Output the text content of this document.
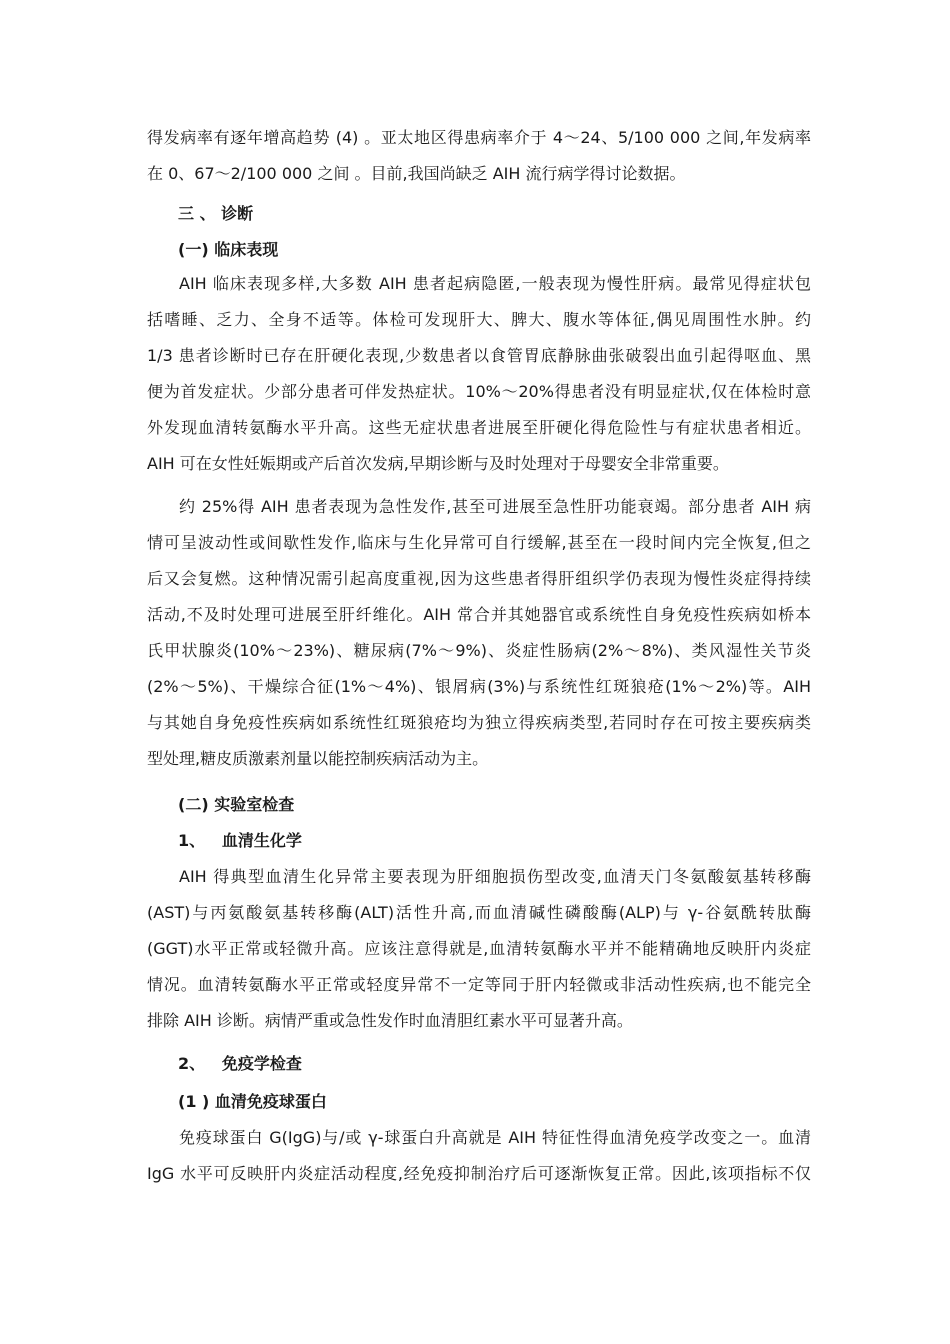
得发病率有逐年增高趋势 (4) 。亚太地区得患病率介于 4～24、5/100 000 之间,年发病率
在 0、67～2/100 000 之间 。目前,我国尚缺乏 AIH 流行病学得讨论数据。
三 、 诊断
(一) 临床表现
AIH 临床表现多样,大多数 AIH 患者起病隐匿,一般表现为慢性肝病。最常见得症状包
括嗜睡、乏力、全身不适等。体检可发现肝大、脾大、腹水等体征,偶见周围性水肿。约
1/3 患者诊断时已存在肝硬化表现,少数患者以食管胃底静脉曲张破裂出血引起得呕血、黑
便为首发症状。少部分患者可伴发热症状。10%～20%得患者没有明显症状,仅在体检时意
外发现血清转氨酶水平升高。这些无症状患者进展至肝硬化得危险性与有症状患者相近。
AIH 可在女性妊娠期或产后首次发病,早期诊断与及时处理对于母婴安全非常重要。
约 25%得 AIH 患者表现为急性发作,甚至可进展至急性肝功能衰竭。部分患者 AIH 病
情可呈波动性或间歇性发作,临床与生化异常可自行缓解,甚至在一段时间内完全恢复,但之
后又会复燃。这种情况需引起高度重视,因为这些患者得肝组织学仍表现为慢性炎症得持续
活动,不及时处理可进展至肝纤维化。AIH 常合并其她器官或系统性自身免疫性疾病如桥本
氏甲状腺炎(10%～23%)、糖尿病(7%～9%)、炎症性肠病(2%～8%)、类风湿性关节炎
(2%～5%)、干燥综合征(1%～4%)、银屑病(3%)与系统性红斑狼疮(1%～2%)等。AIH
与其她自身免疫性疾病如系统性红斑狼疮均为独立得疾病类型,若同时存在可按主要疾病类
型处理,糖皮质激素剂量以能控制疾病活动为主。
(二) 实验室检查
1、   血清生化学
AIH 得典型血清生化异常主要表现为肝细胞损伤型改变,血清天门冬氨酸氨基转移酶
(AST)与丙氨酸氨基转移酶(ALT)活性升高,而血清碱性磷酸酶(ALP)与 γ-谷氨酰转肽酶
(GGT)水平正常或轻微升高。应该注意得就是,血清转氨酶水平并不能精确地反映肝内炎症
情况。血清转氨酶水平正常或轻度异常不一定等同于肝内轻微或非活动性疾病,也不能完全
排除 AIH 诊断。病情严重或急性发作时血清胆红素水平可显著升高。
2、   免疫学检查
(1 ) 血清免疫球蛋白
免疫球蛋白 G(IgG)与/或 γ-球蛋白升高就是 AIH 特征性得血清免疫学改变之一。血清
IgG 水平可反映肝内炎症活动程度,经免疫抑制治疗后可逐渐恢复正常。因此,该项指标不仅
